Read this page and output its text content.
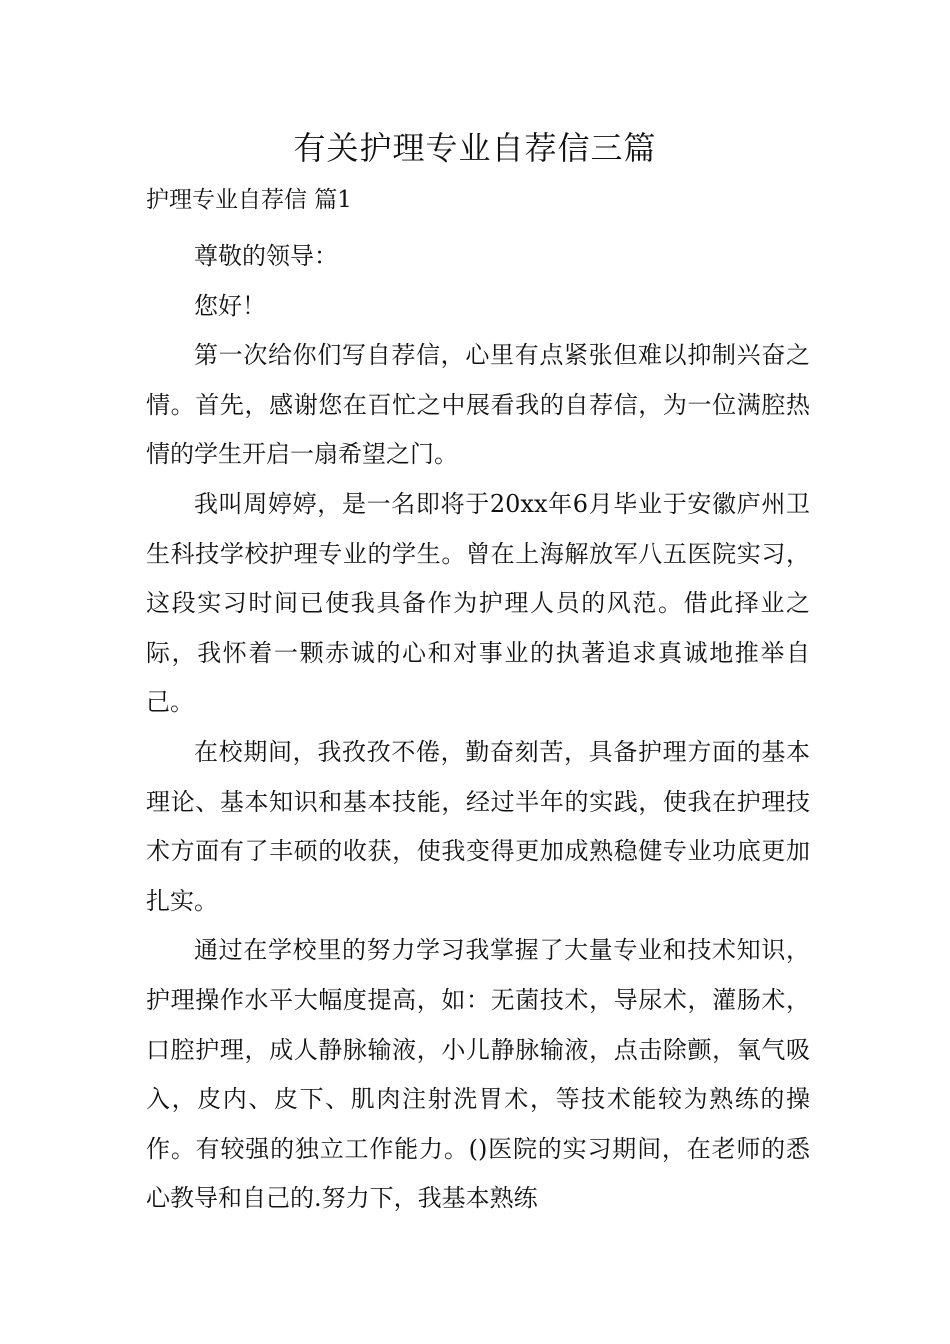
有关护理专业自荐信三篇
护理专业自荐信 篇1

尊敬的领导：

您好！

第一次给你们写自荐信，心里有点紧张但难以抑制兴奋之情。首先，感谢您在百忙之中展看我的自荐信，为一位满腔热情的学生开启一扇希望之门。

我叫周婷婷，是一名即将于20xx年6月毕业于安徽庐州卫生科技学校护理专业的学生。曾在上海解放军八五医院实习，这段实习时间已使我具备作为护理人员的风范。借此择业之际，我怀着一颗赤诚的心和对事业的执著追求真诚地推举自己。

在校期间，我孜孜不倦，勤奋刻苦，具备护理方面的基本理论、基本知识和基本技能，经过半年的实践，使我在护理技术方面有了丰硕的收获，使我变得更加成熟稳健专业功底更加扎实。

通过在学校里的努力学习我掌握了大量专业和技术知识，护理操作水平大幅度提高，如：无菌技术，导尿术，灌肠术，口腔护理，成人静脉输液，小儿静脉输液，点击除颤，氧气吸入，皮内、皮下、肌肉注射洗胃术，等技术能较为熟练的操作。有较强的独立工作能力。()医院的实习期间，在老师的悉心教导和自己的.努力下，我基本熟练
